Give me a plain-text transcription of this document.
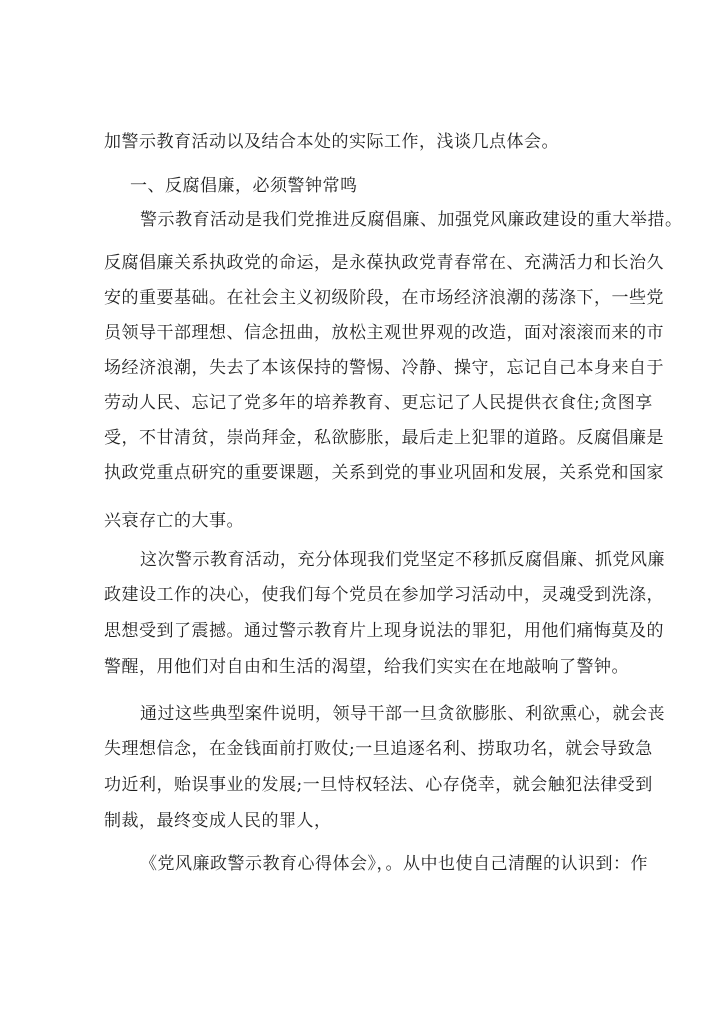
加警示教育活动以及结合本处的实际工作，浅谈几点体会。
一、反腐倡廉，必须警钟常鸣
警示教育活动是我们党推进反腐倡廉、加强党风廉政建设的重大举措。
反腐倡廉关系执政党的命运，是永葆执政党青春常在、充满活力和长治久
安的重要基础。在社会主义初级阶段，在市场经济浪潮的荡涤下，一些党
员领导干部理想、信念扭曲，放松主观世界观的改造，面对滚滚而来的市
场经济浪潮，失去了本该保持的警惕、冷静、操守，忘记自己本身来自于
劳动人民、忘记了党多年的培养教育、更忘记了人民提供衣食住;贪图享
受，不甘清贫，崇尚拜金，私欲膨胀，最后走上犯罪的道路。反腐倡廉是
执政党重点研究的重要课题，关系到党的事业巩固和发展，关系党和国家
兴衰存亡的大事。
这次警示教育活动，充分体现我们党坚定不移抓反腐倡廉、抓党风廉
政建设工作的决心，使我们每个党员在参加学习活动中，灵魂受到洗涤，
思想受到了震撼。通过警示教育片上现身说法的罪犯，用他们痛悔莫及的
警醒，用他们对自由和生活的渴望，给我们实实在在地敲响了警钟。
通过这些典型案件说明，领导干部一旦贪欲膨胀、利欲熏心，就会丧
失理想信念，在金钱面前打败仗;一旦追逐名利、捞取功名，就会导致急
功近利，贻误事业的发展;一旦恃权轻法、心存侥幸，就会触犯法律受到
制裁，最终变成人民的罪人，
《党风廉政警示教育心得体会》，。从中也使自己清醒的认识到：作
